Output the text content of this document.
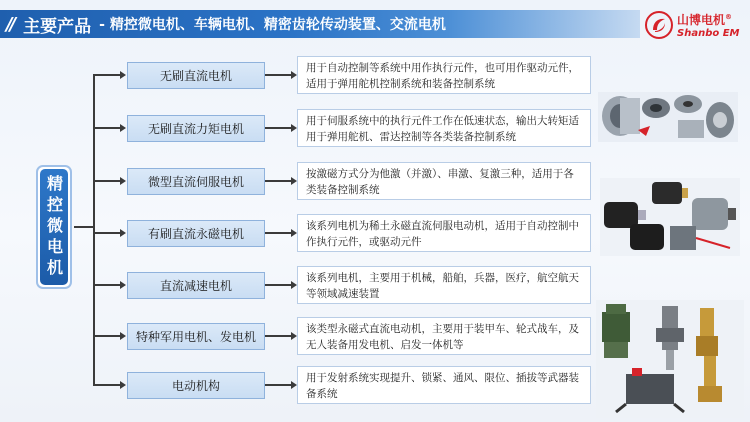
// 主要产品 - 精控微电机、车辆电机、精密齿轮传动装置、交流电机	山博电机®
Shanbo EM
精控微电机
无刷直流电机
无刷直流力矩电机
微型直流伺服电机
有刷直流永磁电机
直流减速电机
特种军用电机、发电机
电动机构
用于自动控制等系统中用作执行元件，也可用作驱动元件，适用于弹用舵机控制系统和装备控制系统
用于伺服系统中的执行元件工作在低速状态，输出大转矩适用于弹用舵机、雷达控制等各类装备控制系统
按激磁方式分为他激（并激）、串激、复激三种，适用于各类装备控制系统
该系列电机为稀土永磁直流伺服电动机，适用于自动控制中作执行元件，或驱动元件
该系列电机，主要用于机械，船舶，兵器，医疗，航空航天等领域减速装置
该类型永磁式直流电动机，主要用于装甲车、轮式战车，及无人装备用发电机、启发一体机等
用于发射系统实现提升、锁紧、通风、限位、插拔等武器装备系统
